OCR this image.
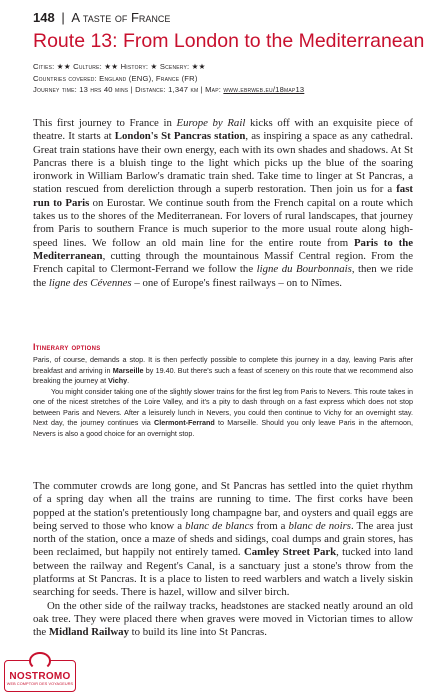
148 | A taste of France
Route 13: From London to the Mediterranean
Cities: ★★ Culture: ★★ History: ★ Scenery: ★★
Countries covered: England (ENG), France (FR)
Journey time: 13 hrs 40 mins | Distance: 1,347 km | Map: www.ebrweb.eu/18map13

This first journey to France in Europe by Rail kicks off with an exquisite piece of theatre. It starts at London's St Pancras station, as inspiring a space as any cathedral. Great train stations have their own energy, each with its own shades and shadows. At St Pancras there is a bluish tinge to the light which picks up the blue of the soaring ironwork in William Barlow's dramatic train shed. Take time to linger at St Pancras, a station rescued from dereliction through a superb restoration. Then join us for a fast run to Paris on Eurostar. We continue south from the French capital on a route which takes us to the shores of the Mediterranean. For lovers of rural landscapes, that journey from Paris to southern France is much superior to the more usual route along high-speed lines. We follow an old main line for the entire route from Paris to the Mediterranean, cutting through the mountainous Massif Central region. From the French capital to Clermont-Ferrand we follow the ligne du Bourbonnais, then we ride the ligne des Cévennes – one of Europe's finest railways – on to Nîmes.

Itinerary options

Paris, of course, demands a stop. It is then perfectly possible to complete this journey in a day, leaving Paris after breakfast and arriving in Marseille by 19.40. But there's such a feast of scenery on this route that we recommend also breaking the journey at Vichy.

You might consider taking one of the slightly slower trains for the first leg from Paris to Nevers. This route takes in one of the nicest stretches of the Loire Valley, and it's a pity to dash through on a fast express which does not stop between Paris and Nevers. After a leisurely lunch in Nevers, you could then continue to Vichy for an overnight stay. Next day, the journey continues via Clermont-Ferrand to Marseille. Should you only leave Paris in the afternoon, Nevers is also a good choice for an overnight stop.

The commuter crowds are long gone, and St Pancras has settled into the quiet rhythm of a spring day when all the trains are running to time. The first corks have been popped at the station's pretentiously long champagne bar, and oysters and quail eggs are being served to those who know a blanc de blancs from a blanc de noirs. The area just north of the station, once a maze of sheds and sidings, coal dumps and grain stores, has been reclaimed, but happily not entirely tamed. Camley Street Park, tucked into land between the railway and Regent's Canal, is a sanctuary just a stone's throw from the platforms at St Pancras. It is a place to listen to reed warblers and watch a lively siskin searching for seeds. There is hazel, willow and silver birch.

On the other side of the railway tracks, headstones are stacked neatly around an old oak tree. They were placed there when graves were moved in Victorian times to allow the Midland Railway to build its line into St Pancras.

NOSTROMO
WEB COMPTOIR DES VOYAGEURS
